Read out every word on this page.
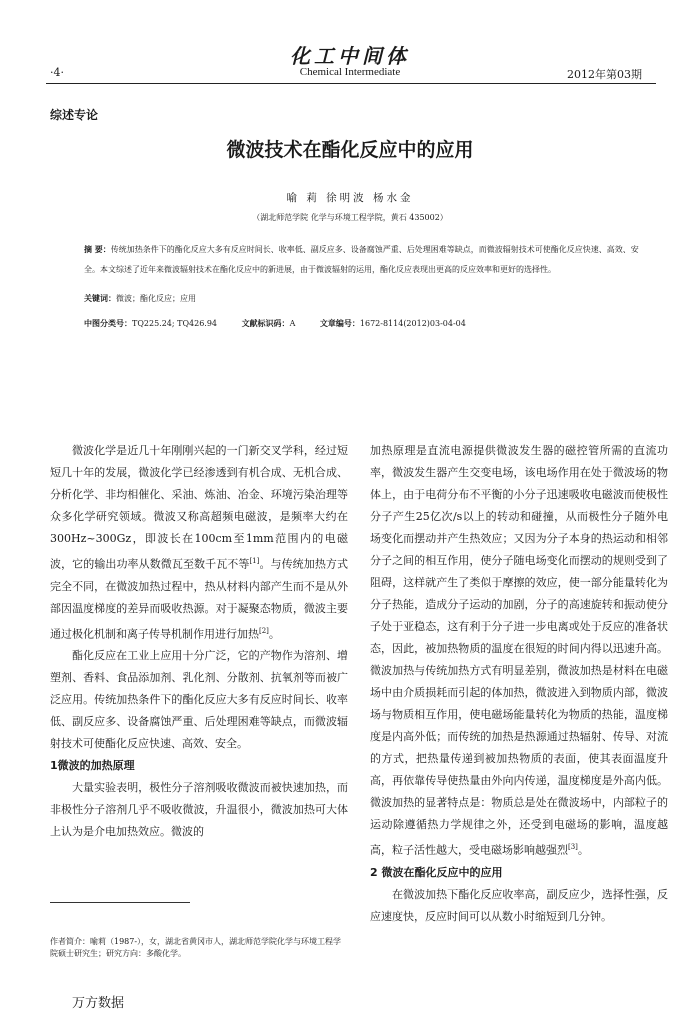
化工中间体
·4·	Chemical Intermediate	2012年第03期
综述专论
微波技术在酯化反应中的应用
喻 莉 徐明波 杨水金
（湖北师范学院 化学与环境工程学院，黄石 435002）
摘 要：传统加热条件下的酯化反应大多有反应时间长、收率低、副反应多、设备腐蚀严重、后处理困难等缺点，而微波辐射技术可使酯化反应快速、高效、安全。本文综述了近年来微波辐射技术在酯化反应中的新进展，由于微波辐射的运用，酯化反应表现出更高的反应效率和更好的选择性。
关键词：微波；酯化反应；应用
中图分类号：TQ225.24; TQ426.94	文献标识码：A	文章编号：1672-8114(2012)03-04-04

微波化学是近几十年刚刚兴起的一门新交叉学科，经过短短几十年的发展，微波化学已经渗透到有机合成、无机合成、分析化学、非均相催化、采油、炼油、冶金、环境污染治理等众多化学研究领域。微波又称高超频电磁波，是频率大约在300Hz~300Gz，即波长在100cm至1mm范围内的电磁波，它的输出功率从数微瓦至数千瓦不等[1]。与传统加热方式完全不同，在微波加热过程中，热从材料内部产生而不是从外部因温度梯度的差异而吸收热源。对于凝聚态物质，微波主要通过极化机制和离子传导机制作用进行加热[2]。

酯化反应在工业上应用十分广泛，它的产物作为溶剂、增塑剂、香料、食品添加剂、乳化剂、分散剂、抗氧剂等而被广泛应用。传统加热条件下的酯化反应大多有反应时间长、收率低、副反应多、设备腐蚀严重、后处理困难等缺点，而微波辐射技术可使酯化反应快速、高效、安全。

1微波的加热原理

大量实验表明，极性分子溶剂吸收微波而被快速加热，而非极性分子溶剂几乎不吸收微波，升温很小，微波加热可大体上认为是介电加热效应。微波的

加热原理是直流电源提供微波发生器的磁控管所需的直流功率，微波发生器产生交变电场，该电场作用在处于微波场的物体上，由于电荷分布不平衡的小分子迅速吸收电磁波而使极性分子产生25亿次/s以上的转动和碰撞，从而极性分子随外电场变化而摆动并产生热效应；又因为分子本身的热运动和相邻分子之间的相互作用，使分子随电场变化而摆动的规则受到了阻碍，这样就产生了类似于摩擦的效应，使一部分能量转化为分子热能，造成分子运动的加剧，分子的高速旋转和振动使分子处于亚稳态，这有利于分子进一步电离或处于反应的准备状态，因此，被加热物质的温度在很短的时间内得以迅速升高。微波加热与传统加热方式有明显差别，微波加热是材料在电磁场中由介质损耗而引起的体加热，微波进入到物质内部，微波场与物质相互作用，使电磁场能量转化为物质的热能，温度梯度是内高外低；而传统的加热是热源通过热辐射、传导、对流的方式，把热量传递到被加热物质的表面，使其表面温度升高，再依靠传导使热量由外向内传递，温度梯度是外高内低。微波加热的显著特点是：物质总是处在微波场中，内部粒子的运动除遵循热力学规律之外，还受到电磁场的影响，温度越高，粒子活性越大，受电磁场影响越强烈[3]。

2 微波在酯化反应中的应用

在微波加热下酯化反应收率高，副反应少，选择性强，反应速度快，反应时间可以从数小时缩短到几分钟。

作者简介：喻莉（1987-），女，湖北省黄冈市人，湖北师范学院化学与环境工程学院硕士研究生；研究方向：多酸化学。
万方数据
